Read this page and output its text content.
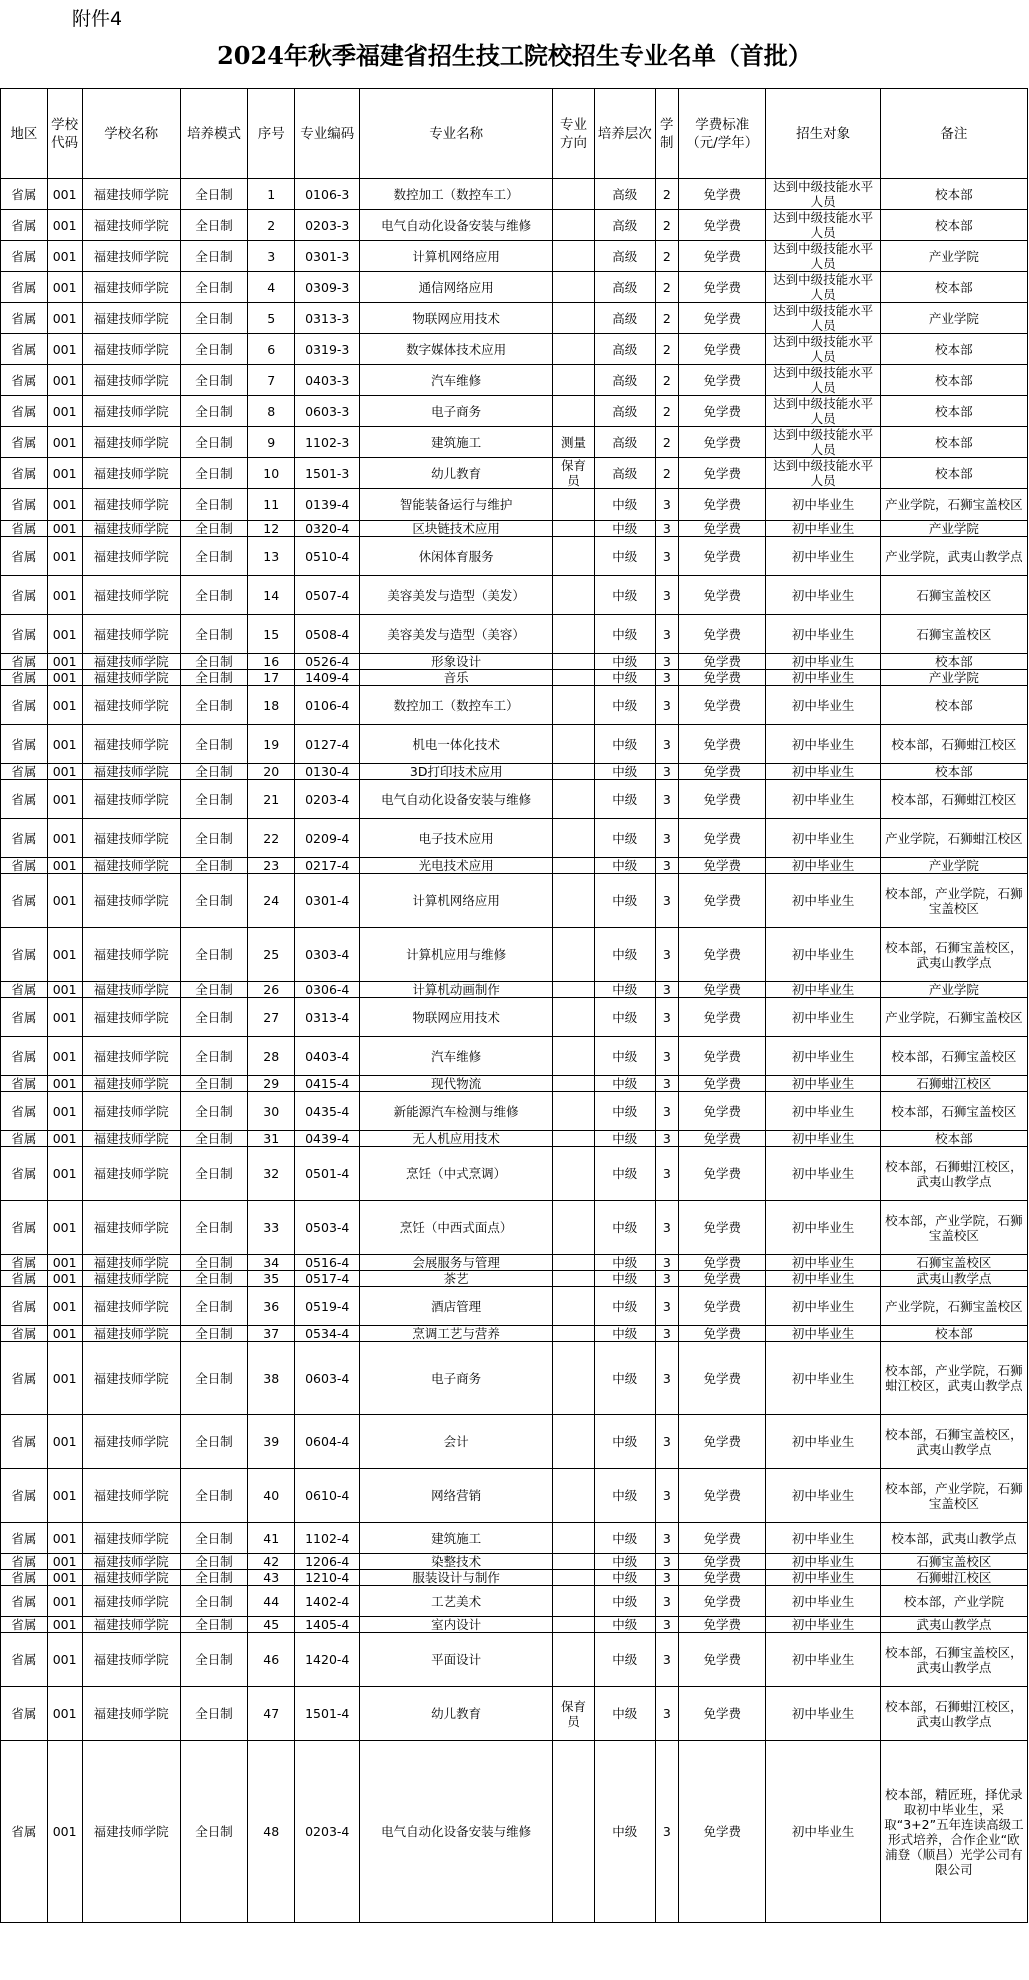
附件4
2024年秋季福建省招生技工院校招生专业名单（首批）
地区	学校代码	学校名称	培养模式	序号	专业编码	专业名称	专业方向	培养层次	学制	学费标准（元/学年）	招生对象	备注
省属	001	福建技师学院	全日制	1	0106-3	数控加工（数控车工）		高级	2	免学费	达到中级技能水平人员	校本部
省属	001	福建技师学院	全日制	2	0203-3	电气自动化设备安装与维修		高级	2	免学费	达到中级技能水平人员	校本部
省属	001	福建技师学院	全日制	3	0301-3	计算机网络应用		高级	2	免学费	达到中级技能水平人员	产业学院
省属	001	福建技师学院	全日制	4	0309-3	通信网络应用		高级	2	免学费	达到中级技能水平人员	校本部
省属	001	福建技师学院	全日制	5	0313-3	物联网应用技术		高级	2	免学费	达到中级技能水平人员	产业学院
省属	001	福建技师学院	全日制	6	0319-3	数字媒体技术应用		高级	2	免学费	达到中级技能水平人员	校本部
省属	001	福建技师学院	全日制	7	0403-3	汽车维修		高级	2	免学费	达到中级技能水平人员	校本部
省属	001	福建技师学院	全日制	8	0603-3	电子商务		高级	2	免学费	达到中级技能水平人员	校本部
省属	001	福建技师学院	全日制	9	1102-3	建筑施工	测量	高级	2	免学费	达到中级技能水平人员	校本部
省属	001	福建技师学院	全日制	10	1501-3	幼儿教育	保育员	高级	2	免学费	达到中级技能水平人员	校本部
省属	001	福建技师学院	全日制	11	0139-4	智能装备运行与维护		中级	3	免学费	初中毕业生	产业学院，石狮宝盖校区
省属	001	福建技师学院	全日制	12	0320-4	区块链技术应用		中级	3	免学费	初中毕业生	产业学院
省属	001	福建技师学院	全日制	13	0510-4	休闲体育服务		中级	3	免学费	初中毕业生	产业学院，武夷山教学点
省属	001	福建技师学院	全日制	14	0507-4	美容美发与造型（美发）		中级	3	免学费	初中毕业生	石狮宝盖校区
省属	001	福建技师学院	全日制	15	0508-4	美容美发与造型（美容）		中级	3	免学费	初中毕业生	石狮宝盖校区
省属	001	福建技师学院	全日制	16	0526-4	形象设计		中级	3	免学费	初中毕业生	校本部
省属	001	福建技师学院	全日制	17	1409-4	音乐		中级	3	免学费	初中毕业生	产业学院
省属	001	福建技师学院	全日制	18	0106-4	数控加工（数控车工）		中级	3	免学费	初中毕业生	校本部
省属	001	福建技师学院	全日制	19	0127-4	机电一体化技术		中级	3	免学费	初中毕业生	校本部，石狮蚶江校区
省属	001	福建技师学院	全日制	20	0130-4	3D打印技术应用		中级	3	免学费	初中毕业生	校本部
省属	001	福建技师学院	全日制	21	0203-4	电气自动化设备安装与维修		中级	3	免学费	初中毕业生	校本部，石狮蚶江校区
省属	001	福建技师学院	全日制	22	0209-4	电子技术应用		中级	3	免学费	初中毕业生	产业学院，石狮蚶江校区
省属	001	福建技师学院	全日制	23	0217-4	光电技术应用		中级	3	免学费	初中毕业生	产业学院
省属	001	福建技师学院	全日制	24	0301-4	计算机网络应用		中级	3	免学费	初中毕业生	校本部，产业学院，石狮宝盖校区
省属	001	福建技师学院	全日制	25	0303-4	计算机应用与维修		中级	3	免学费	初中毕业生	校本部，石狮宝盖校区，武夷山教学点
省属	001	福建技师学院	全日制	26	0306-4	计算机动画制作		中级	3	免学费	初中毕业生	产业学院
省属	001	福建技师学院	全日制	27	0313-4	物联网应用技术		中级	3	免学费	初中毕业生	产业学院，石狮宝盖校区
省属	001	福建技师学院	全日制	28	0403-4	汽车维修		中级	3	免学费	初中毕业生	校本部，石狮宝盖校区
省属	001	福建技师学院	全日制	29	0415-4	现代物流		中级	3	免学费	初中毕业生	石狮蚶江校区
省属	001	福建技师学院	全日制	30	0435-4	新能源汽车检测与维修		中级	3	免学费	初中毕业生	校本部，石狮宝盖校区
省属	001	福建技师学院	全日制	31	0439-4	无人机应用技术		中级	3	免学费	初中毕业生	校本部
省属	001	福建技师学院	全日制	32	0501-4	烹饪（中式烹调）		中级	3	免学费	初中毕业生	校本部，石狮蚶江校区，武夷山教学点
省属	001	福建技师学院	全日制	33	0503-4	烹饪（中西式面点）		中级	3	免学费	初中毕业生	校本部，产业学院，石狮宝盖校区
省属	001	福建技师学院	全日制	34	0516-4	会展服务与管理		中级	3	免学费	初中毕业生	石狮宝盖校区
省属	001	福建技师学院	全日制	35	0517-4	茶艺		中级	3	免学费	初中毕业生	武夷山教学点
省属	001	福建技师学院	全日制	36	0519-4	酒店管理		中级	3	免学费	初中毕业生	产业学院，石狮宝盖校区
省属	001	福建技师学院	全日制	37	0534-4	烹调工艺与营养		中级	3	免学费	初中毕业生	校本部
省属	001	福建技师学院	全日制	38	0603-4	电子商务		中级	3	免学费	初中毕业生	校本部，产业学院，石狮蚶江校区，武夷山教学点
省属	001	福建技师学院	全日制	39	0604-4	会计		中级	3	免学费	初中毕业生	校本部，石狮宝盖校区，武夷山教学点
省属	001	福建技师学院	全日制	40	0610-4	网络营销		中级	3	免学费	初中毕业生	校本部，产业学院，石狮宝盖校区
省属	001	福建技师学院	全日制	41	1102-4	建筑施工		中级	3	免学费	初中毕业生	校本部，武夷山教学点
省属	001	福建技师学院	全日制	42	1206-4	染整技术		中级	3	免学费	初中毕业生	石狮宝盖校区
省属	001	福建技师学院	全日制	43	1210-4	服装设计与制作		中级	3	免学费	初中毕业生	石狮蚶江校区
省属	001	福建技师学院	全日制	44	1402-4	工艺美术		中级	3	免学费	初中毕业生	校本部，产业学院
省属	001	福建技师学院	全日制	45	1405-4	室内设计		中级	3	免学费	初中毕业生	武夷山教学点
省属	001	福建技师学院	全日制	46	1420-4	平面设计		中级	3	免学费	初中毕业生	校本部，石狮宝盖校区，武夷山教学点
省属	001	福建技师学院	全日制	47	1501-4	幼儿教育	保育员	中级	3	免学费	初中毕业生	校本部，石狮蚶江校区，武夷山教学点
省属	001	福建技师学院	全日制	48	0203-4	电气自动化设备安装与维修		中级	3	免学费	初中毕业生	校本部，精匠班，择优录取初中毕业生，采取“3+2”五年连读高级工形式培养，合作企业“欧浦登（顺昌）光学公司有限公司
